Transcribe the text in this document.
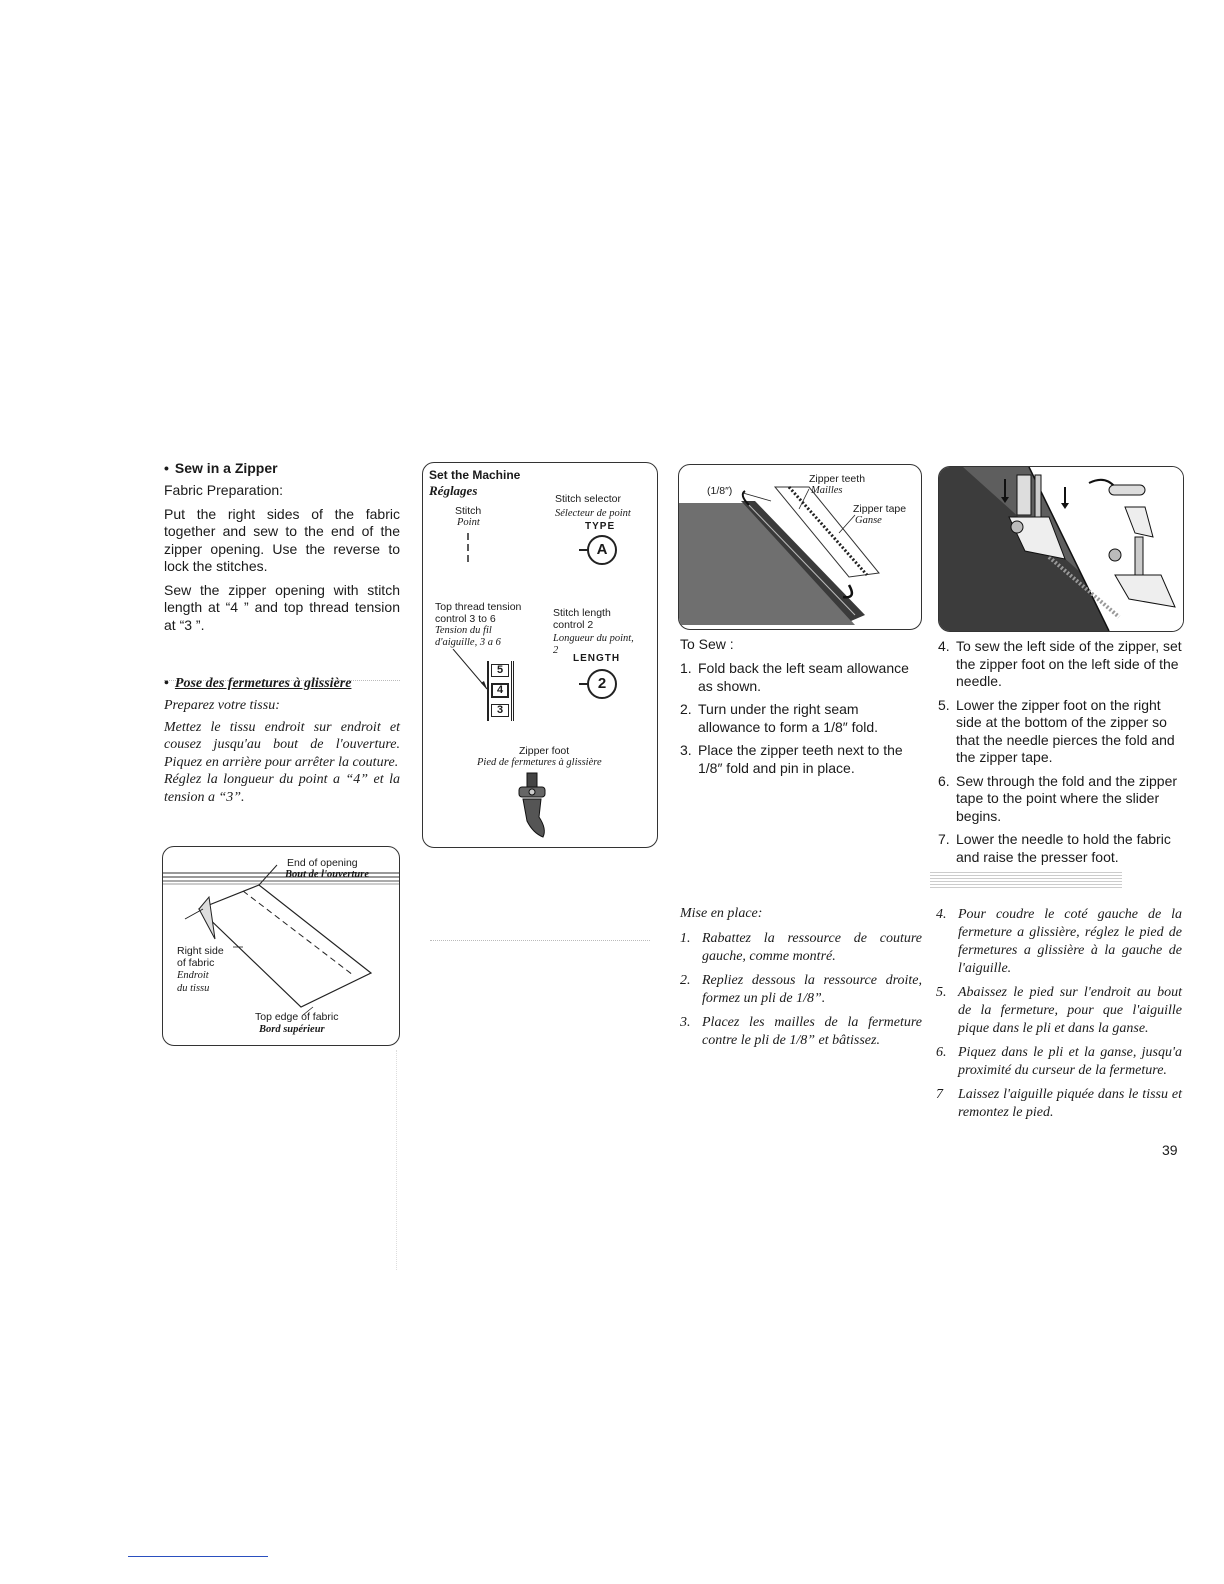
• Sew in a Zipper

Fabric Preparation:

Put the right sides of the fabric together and sew to the end of the zipper opening. Use the reverse to lock the stitches.

Sew the zipper opening with stitch length at “4 ” and top thread tension at “3 ”.

• Pose des fermetures à glissière

Preparez votre tissu:

Mettez le tissu endroit sur endroit et cousez jusqu'au bout de l'ouverture. Piquez en arrière pour arrêter la couture.

Réglez la longueur du point a “4” et la tension a “3”.

End of opening
Bout de l'ouverture
Right side
of fabric
Endroit
du tissu
Top edge of fabric
Bord supérieur
Set the Machine
Réglages
Stitch
Point
Stitch selector
Sélecteur de point
TYPE
A
Top thread tension
control 3 to 6
Tension du fil
d'aiguille, 3 a 6
5
4
3
Stitch length
control 2
Longueur du point,
2
LENGTH
2
Zipper foot
Pied de fermetures à glissière
(1/8″)
Zipper teeth
Mailles
Zipper tape
Ganse
To Sew :
1. Fold back the left seam allowance as shown.
2. Turn under the right seam allowance to form a 1/8″ fold.
3. Place the zipper teeth next to the 1/8″ fold and pin in place.
Mise en place:
1. Rabattez la ressource de couture gauche, comme montré.
2. Repliez dessous la ressource droite, formez un pli de 1/8”.
3. Placez les mailles de la fermeture contre le pli de 1/8” et bâtissez.
4. To sew the left side of the zipper, set the zipper foot on the left side of the needle.
5. Lower the zipper foot on the right side at the bottom of the zipper so that the needle pierces the fold and the zipper tape.
6. Sew through the fold and the zipper tape to the point where the slider begins.
7. Lower the needle to hold the fabric and raise the presser foot.
4. Pour coudre le coté gauche de la fermeture a glissière, réglez le pied de fermetures a glissière à la gauche de l'aiguille.
5. Abaissez le pied sur l'endroit au bout de la fermeture, pour que l'aiguille pique dans le pli et dans la ganse.
6. Piquez dans le pli et la ganse, jusqu'a proximité du curseur de la fermeture.
7 Laissez l'aiguille piquée dans le tissu et remontez le pied.
39
